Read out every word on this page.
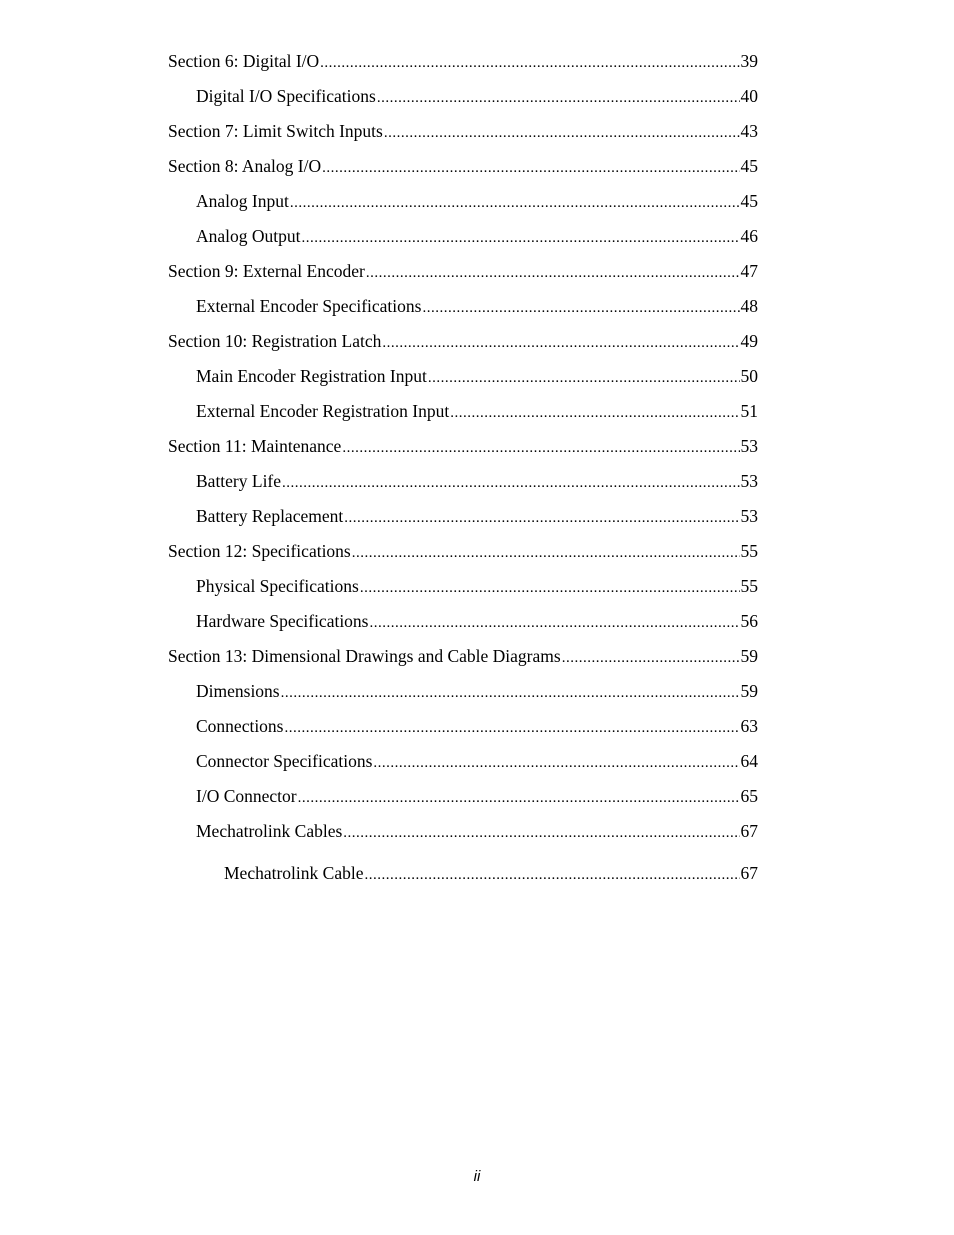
Section 6: Digital I/O .....	39
Digital I/O Specifications .....	40
Section 7: Limit Switch Inputs .....	43
Section 8: Analog I/O .....	45
Analog Input .....	45
Analog Output .....	46
Section 9: External Encoder .....	47
External Encoder Specifications .....	48
Section 10: Registration Latch .....	49
Main Encoder Registration Input .....	50
External Encoder Registration Input .....	51
Section 11: Maintenance .....	53
Battery Life .....	53
Battery Replacement .....	53
Section 12: Specifications .....	55
Physical Specifications .....	55
Hardware Specifications .....	56
Section 13: Dimensional Drawings and Cable Diagrams .....	59
Dimensions .....	59
Connections .....	63
Connector Specifications .....	64
I/O Connector .....	65
Mechatrolink Cables .....	67
Mechatrolink Cable .....	67
ii
